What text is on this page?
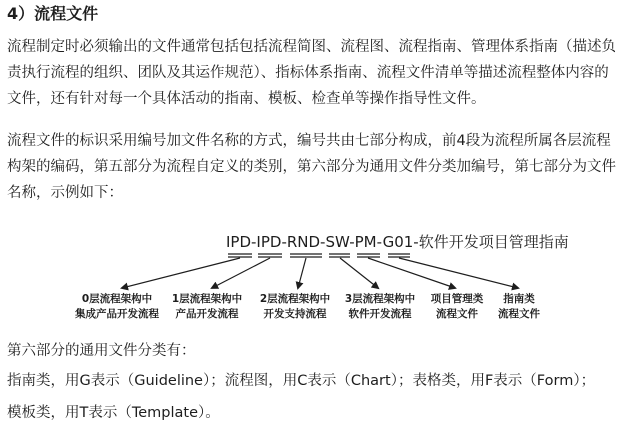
4）流程文件
流程制定时必须输出的文件通常包括包括流程简图、流程图、流程指南、管理体系指南（描述负
责执行流程的组织、团队及其运作规范）、指标体系指南、流程文件清单等描述流程整体内容的
文件，还有针对每一个具体活动的指南、模板、检查单等操作指导性文件。
流程文件的标识采用编号加文件名称的方式，编号共由七部分构成，前4段为流程所属各层流程
构架的编码，第五部分为流程自定义的类别，第六部分为通用文件分类加编号，第七部分为文件
名称，示例如下：
IPD-IPD-RND-SW-PM-G01-软件开发项目管理指南
0层流程架构中
集成产品开发流程
1层流程架构中
产品开发流程
2层流程架构中
开发支持流程
3层流程架构中
软件开发流程
项目管理类
流程文件
指南类
流程文件
第六部分的通用文件分类有：
指南类，用G表示（Guideline）；流程图，用C表示（Chart）；表格类，用F表示（Form）；
模板类，用T表示（Template）。
